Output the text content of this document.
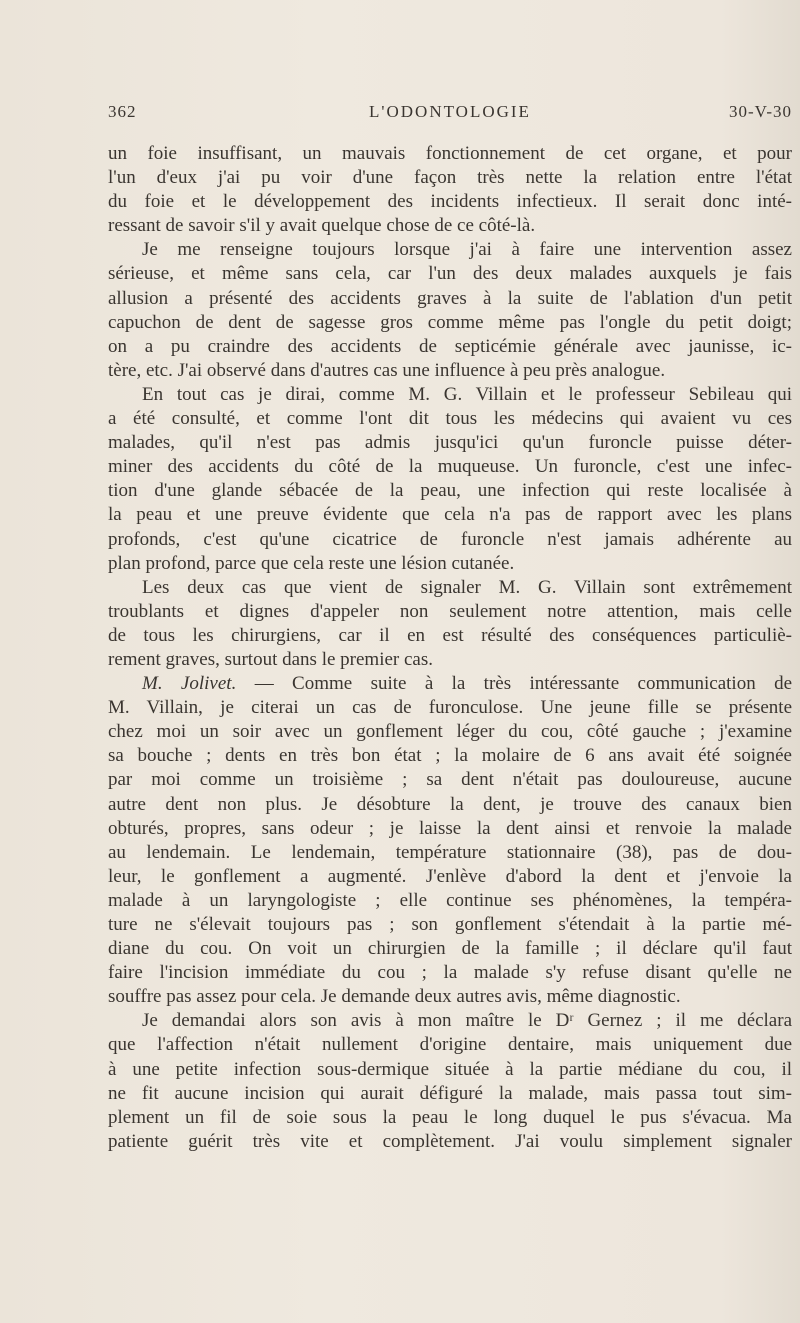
362	L'ODONTOLOGIE	30-V-30
un foie insuffisant, un mauvais fonctionnement de cet organe, et pour
l'un d'eux j'ai pu voir d'une façon très nette la relation entre l'état
du foie et le développement des incidents infectieux. Il serait donc inté-
ressant de savoir s'il y avait quelque chose de ce côté-là.
Je me renseigne toujours lorsque j'ai à faire une intervention assez
sérieuse, et même sans cela, car l'un des deux malades auxquels je fais
allusion a présenté des accidents graves à la suite de l'ablation d'un petit
capuchon de dent de sagesse gros comme même pas l'ongle du petit doigt;
on a pu craindre des accidents de septicémie générale avec jaunisse, ic-
tère, etc. J'ai observé dans d'autres cas une influence à peu près analogue.
En tout cas je dirai, comme M. G. Villain et le professeur Sebileau qui
a été consulté, et comme l'ont dit tous les médecins qui avaient vu ces
malades, qu'il n'est pas admis jusqu'ici qu'un furoncle puisse déter-
miner des accidents du côté de la muqueuse. Un furoncle, c'est une infec-
tion d'une glande sébacée de la peau, une infection qui reste localisée à
la peau et une preuve évidente que cela n'a pas de rapport avec les plans
profonds, c'est qu'une cicatrice de furoncle n'est jamais adhérente au
plan profond, parce que cela reste une lésion cutanée.
Les deux cas que vient de signaler M. G. Villain sont extrêmement
troublants et dignes d'appeler non seulement notre attention, mais celle
de tous les chirurgiens, car il en est résulté des conséquences particuliè-
rement graves, surtout dans le premier cas.
M. Jolivet. — Comme suite à la très intéressante communication de
M. Villain, je citerai un cas de furonculose. Une jeune fille se présente
chez moi un soir avec un gonflement léger du cou, côté gauche ; j'examine
sa bouche ; dents en très bon état ; la molaire de 6 ans avait été soignée
par moi comme un troisième ; sa dent n'était pas douloureuse, aucune
autre dent non plus. Je désobture la dent, je trouve des canaux bien
obturés, propres, sans odeur ; je laisse la dent ainsi et renvoie la malade
au lendemain. Le lendemain, température stationnaire (38), pas de dou-
leur, le gonflement a augmenté. J'enlève d'abord la dent et j'envoie la
malade à un laryngologiste ; elle continue ses phénomènes, la tempéra-
ture ne s'élevait toujours pas ; son gonflement s'étendait à la partie mé-
diane du cou. On voit un chirurgien de la famille ; il déclare qu'il faut
faire l'incision immédiate du cou ; la malade s'y refuse disant qu'elle ne
souffre pas assez pour cela. Je demande deux autres avis, même diagnostic.
Je demandai alors son avis à mon maître le Dʳ Gernez ; il me déclara
que l'affection n'était nullement d'origine dentaire, mais uniquement due
à une petite infection sous-dermique située à la partie médiane du cou, il
ne fit aucune incision qui aurait défiguré la malade, mais passa tout sim-
plement un fil de soie sous la peau le long duquel le pus s'évacua. Ma
patiente guérit très vite et complètement. J'ai voulu simplement signaler
